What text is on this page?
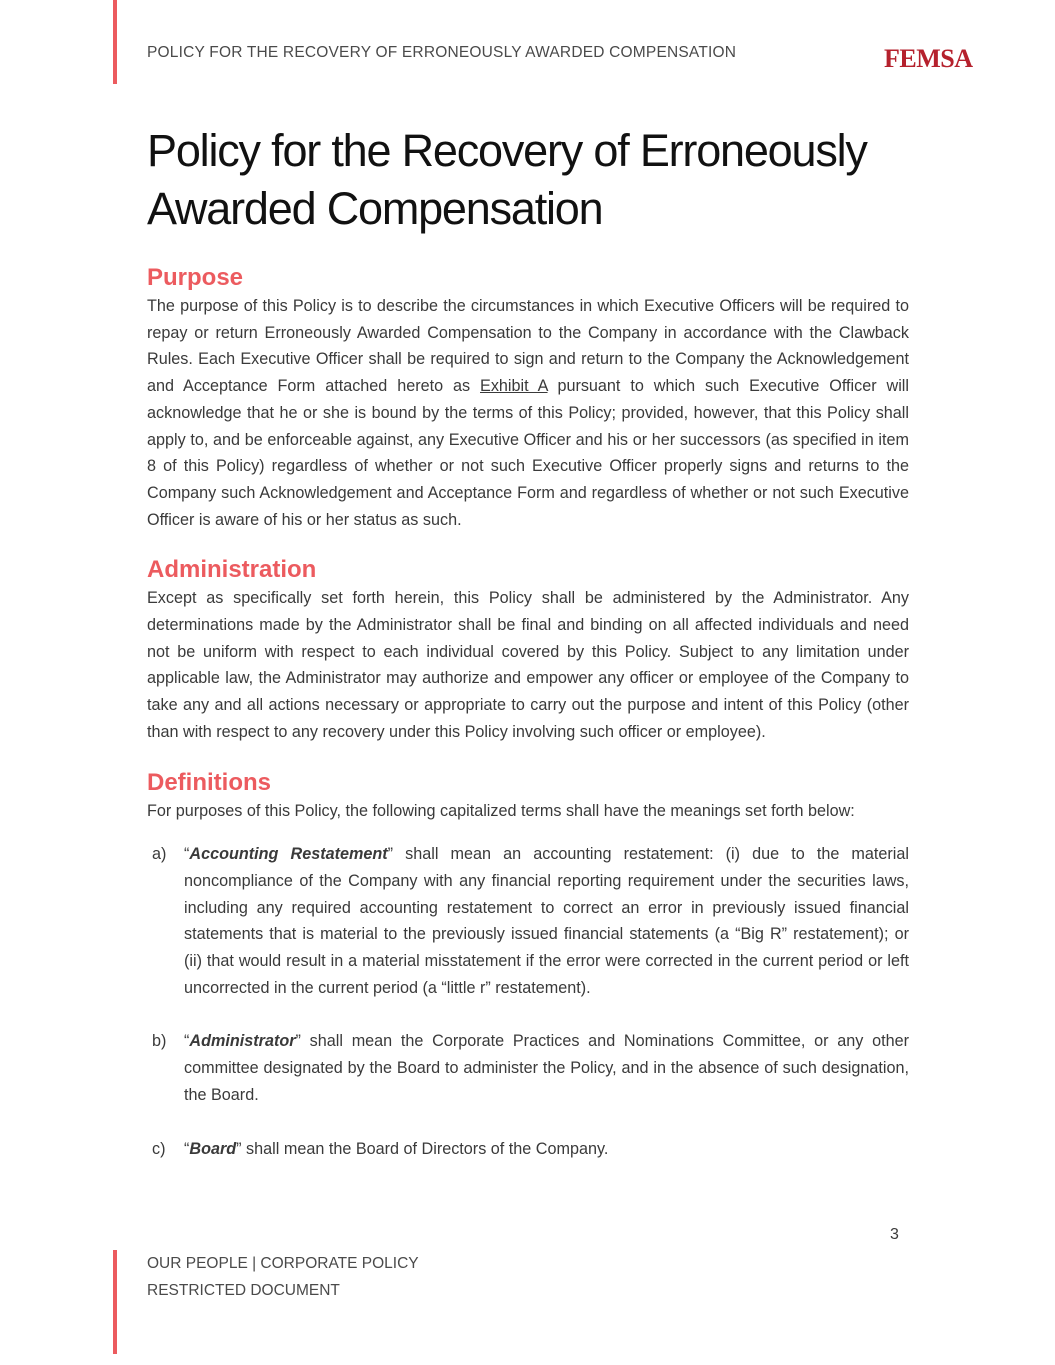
POLICY FOR THE RECOVERY OF ERRONEOUSLY AWARDED COMPENSATION	FEMSA
Policy for the Recovery of Erroneously
Awarded Compensation
Purpose

The purpose of this Policy is to describe the circumstances in which Executive Officers will be required to repay or return Erroneously Awarded Compensation to the Company in accordance with the Clawback Rules. Each Executive Officer shall be required to sign and return to the Company the Acknowledgement and Acceptance Form attached hereto as Exhibit A pursuant to which such Executive Officer will acknowledge that he or she is bound by the terms of this Policy; provided, however, that this Policy shall apply to, and be enforceable against, any Executive Officer and his or her successors (as specified in item 8 of this Policy) regardless of whether or not such Executive Officer properly signs and returns to the Company such Acknowledgement and Acceptance Form and regardless of whether or not such Executive Officer is aware of his or her status as such.

Administration

Except as specifically set forth herein, this Policy shall be administered by the Administrator. Any determinations made by the Administrator shall be final and binding on all affected individuals and need not be uniform with respect to each individual covered by this Policy. Subject to any limitation under applicable law, the Administrator may authorize and empower any officer or employee of the Company to take any and all actions necessary or appropriate to carry out the purpose and intent of this Policy (other than with respect to any recovery under this Policy involving such officer or employee).

Definitions

For purposes of this Policy, the following capitalized terms shall have the meanings set forth below:

a)	“Accounting Restatement” shall mean an accounting restatement: (i) due to the material noncompliance of the Company with any financial reporting requirement under the securities laws, including any required accounting restatement to correct an error in previously issued financial statements that is material to the previously issued financial statements (a “Big R” restatement); or (ii) that would result in a material misstatement if the error were corrected in the current period or left uncorrected in the current period (a “little r” restatement).
b)	“Administrator” shall mean the Corporate Practices and Nominations Committee, or any other committee designated by the Board to administer the Policy, and in the absence of such designation, the Board.
c)	“Board” shall mean the Board of Directors of the Company.
3
OUR PEOPLE | CORPORATE POLICY
RESTRICTED DOCUMENT
